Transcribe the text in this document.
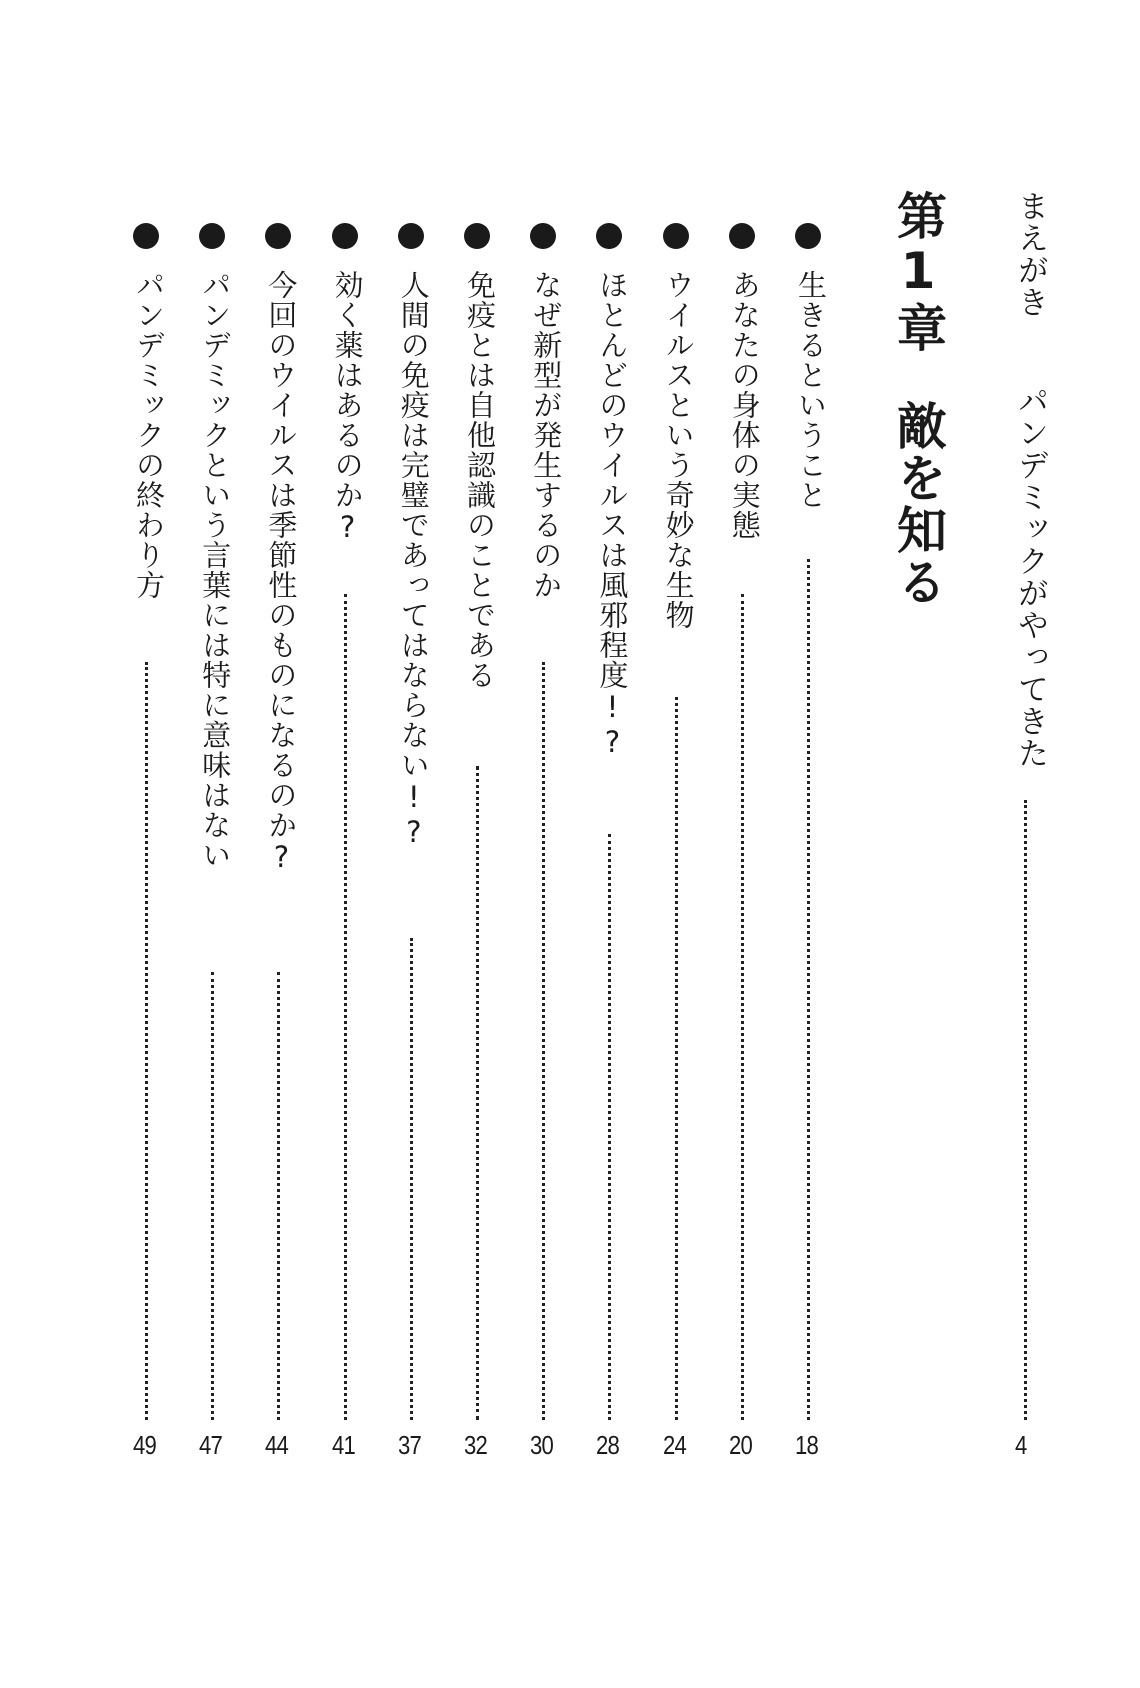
まえがき
パンデミックがやってきた
4
第1章
敵を知る
生きるということ
18
あなたの身体の実態
20
ウイルスという奇妙な生物
24
ほとんどのウイルスは風邪程度!?
28
なぜ新型が発生するのか
30
免疫とは自他認識のことである
32
人間の免疫は完璧であってはならない!?
37
効く薬はあるのか?
41
今回のウイルスは季節性のものになるのか?
44
パンデミックという言葉には特に意味はない
47
パンデミックの終わり方
49
